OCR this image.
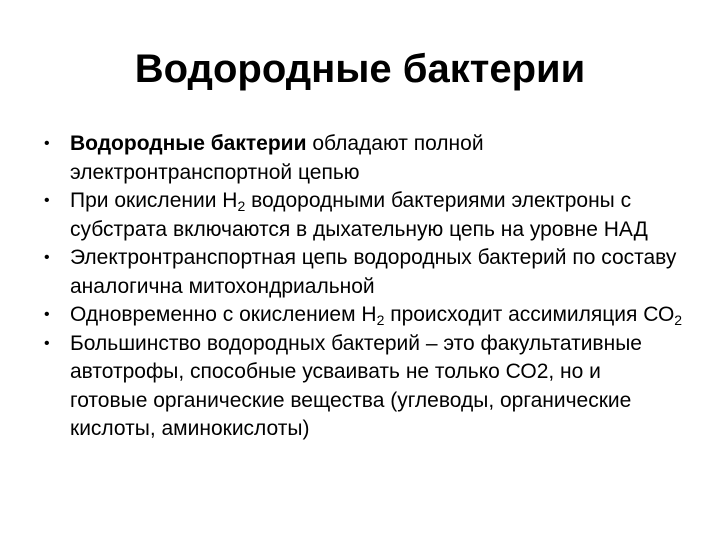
Водородные бактерии
• Водородные бактерии обладают полной электронтранспортной цепью
• При окислении $Н_2$ водородными бактериями электроны с субстрата включаются в дыхательную цепь на уровне НАД
• Электронтранспортная цепь водородных бактерий по составу аналогична митохондриальной
• Одновременно с окислением $Н_2$ происходит ассимиляция $СО_2$
• Большинство водородных бактерий – это факультативные автотрофы, способные усваивать не только СО2, но и готовые органические вещества (углеводы, органические кислоты, аминокислоты)
